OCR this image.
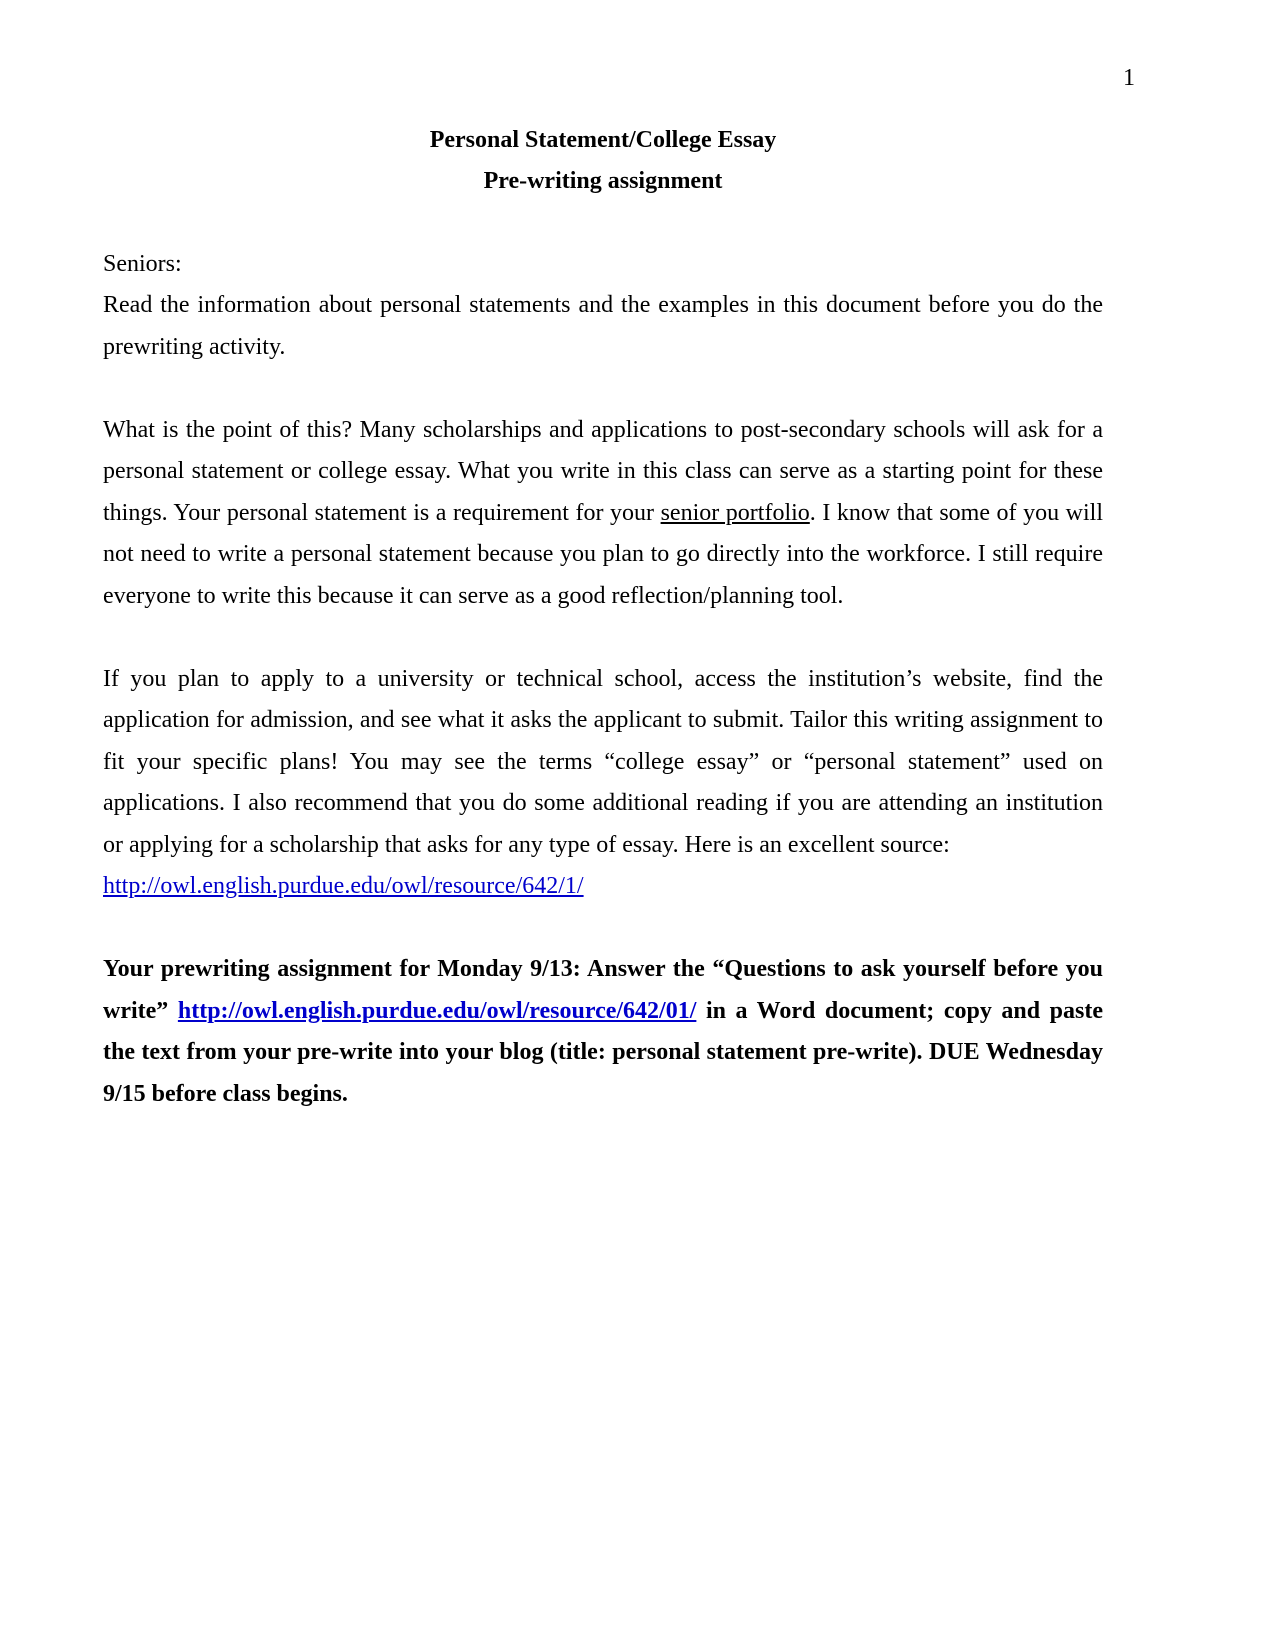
1
Personal Statement/College Essay
Pre-writing assignment

Seniors:

Read the information about personal statements and the examples in this document before you do the prewriting activity.

What is the point of this? Many scholarships and applications to post-secondary schools will ask for a personal statement or college essay. What you write in this class can serve as a starting point for these things. Your personal statement is a requirement for your senior portfolio. I know that some of you will not need to write a personal statement because you plan to go directly into the workforce. I still require everyone to write this because it can serve as a good reflection/planning tool.

If you plan to apply to a university or technical school, access the institution’s website, find the application for admission, and see what it asks the applicant to submit. Tailor this writing assignment to fit your specific plans! You may see the terms “college essay” or “personal statement” used on applications. I also recommend that you do some additional reading if you are attending an institution or applying for a scholarship that asks for any type of essay. Here is an excellent source:

http://owl.english.purdue.edu/owl/resource/642/1/

Your prewriting assignment for Monday 9/13: Answer the “Questions to ask yourself before you write” http://owl.english.purdue.edu/owl/resource/642/01/ in a Word document; copy and paste the text from your pre-write into your blog (title: personal statement pre-write). DUE Wednesday 9/15 before class begins.
